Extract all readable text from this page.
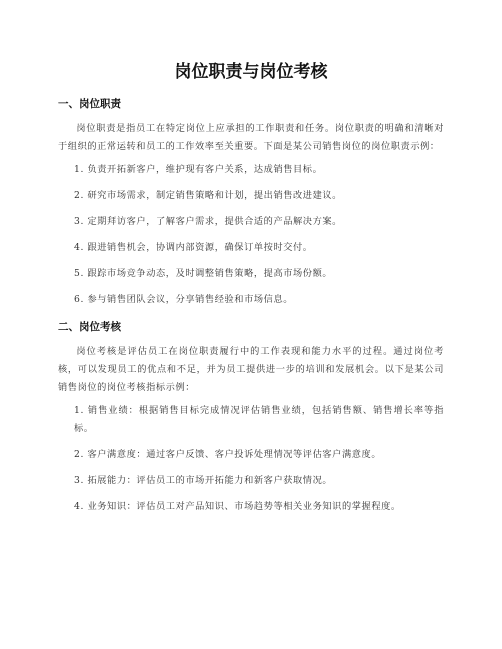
岗位职责与岗位考核
一、岗位职责

岗位职责是指员工在特定岗位上应承担的工作职责和任务。岗位职责的明确和清晰对于组织的正常运转和员工的工作效率至关重要。下面是某公司销售岗位的岗位职责示例：

1. 负责开拓新客户，维护现有客户关系，达成销售目标。

2. 研究市场需求，制定销售策略和计划，提出销售改进建议。

3. 定期拜访客户，了解客户需求，提供合适的产品解决方案。

4. 跟进销售机会，协调内部资源，确保订单按时交付。

5. 跟踪市场竞争动态，及时调整销售策略，提高市场份额。

6. 参与销售团队会议，分享销售经验和市场信息。

二、岗位考核

岗位考核是评估员工在岗位职责履行中的工作表现和能力水平的过程。通过岗位考核，可以发现员工的优点和不足，并为员工提供进一步的培训和发展机会。以下是某公司销售岗位的岗位考核指标示例：

1. 销售业绩：根据销售目标完成情况评估销售业绩，包括销售额、销售增长率等指标。

2. 客户满意度：通过客户反馈、客户投诉处理情况等评估客户满意度。

3. 拓展能力：评估员工的市场开拓能力和新客户获取情况。

4. 业务知识：评估员工对产品知识、市场趋势等相关业务知识的掌握程度。
